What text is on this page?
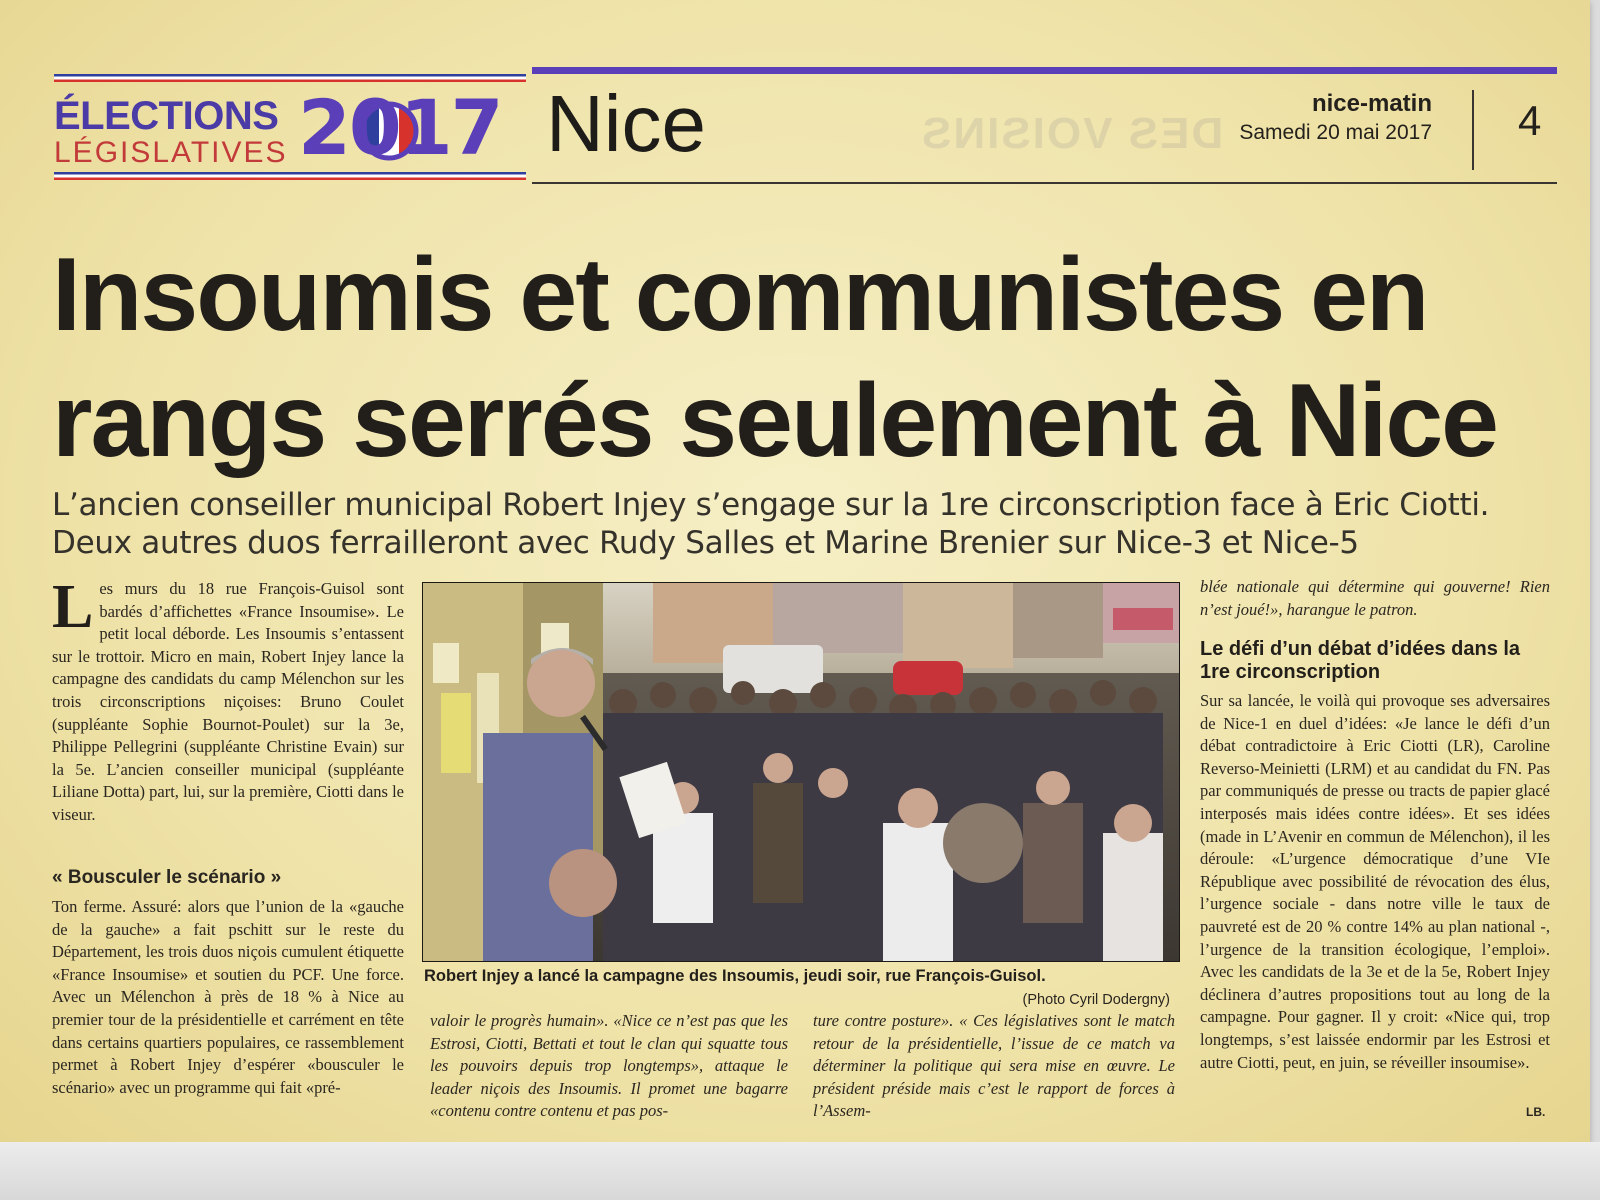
DES VOISINS

ÉLECTIONS

LÉGISLATIVES 2017 Nice	nice-matin

Samedi 20 mai 2017 4

Insoumis et communistes en rangs serrés seulement à Nice

L’ancien conseiller municipal Robert Injey s’engage sur la 1re circonscription face à Eric Ciotti.
Deux autres duos ferrailleront avec Rudy Salles et Marine Brenier sur Nice-3 et Nice-5

Les murs du 18 rue François-Guisol sont bardés d’affichettes «France Insoumise». Le petit local déborde. Les Insoumis s’entassent sur le trottoir. Micro en main, Robert Injey lance la campagne des candidats du camp Mélenchon sur les trois circonscriptions niçoises: Bruno Coulet (suppléante Sophie Bournot-Poulet) sur la 3e, Philippe Pellegrini (suppléante Christine Evain) sur la 5e. L’ancien conseiller municipal (suppléante Liliane Dotta) part, lui, sur la première, Ciotti dans le viseur.

« Bousculer le scénario »

Ton ferme. Assuré: alors que l’union de la «gauche de la gauche» a fait pschitt sur le reste du Département, les trois duos niçois cumulent étiquette «France Insoumise» et soutien du PCF. Une force. Avec un Mélenchon à près de 18 % à Nice au premier tour de la présidentielle et carrément en tête dans certains quartiers populaires, ce rassemblement permet à Robert Injey d’espérer «bousculer le scénario» avec un programme qui fait «pré-

Robert Injey a lancé la campagne des Insoumis, jeudi soir, rue François-Guisol.

(Photo Cyril Dodergny)

valoir le progrès humain». «Nice ce n’est pas que les Estrosi, Ciotti, Bettati et tout le clan qui squatte tous les pouvoirs depuis trop longtemps», attaque le leader niçois des Insoumis. Il promet une bagarre «contenu contre contenu et pas pos-

ture contre posture». « Ces législatives sont le match retour de la présidentielle, l’issue de ce match va déterminer la politique qui sera mise en œuvre. Le président préside mais c’est le rapport de forces à l’Assem-

blée nationale qui détermine qui gouverne! Rien n’est joué!», harangue le patron.

Le défi d’un débat d’idées dans la 1re circonscription

Sur sa lancée, le voilà qui provoque ses adversaires de Nice-1 en duel d’idées: «Je lance le défi d’un débat contradictoire à Eric Ciotti (LR), Caroline Reverso-Meinietti (LRM) et au candidat du FN. Pas par communiqués de presse ou tracts de papier glacé interposés mais idées contre idées». Et ses idées (made in L’Avenir en commun de Mélenchon), il les déroule: «L’urgence démocratique d’une VIe République avec possibilité de révocation des élus, l’urgence sociale - dans notre ville le taux de pauvreté est de 20 % contre 14% au plan national -, l’urgence de la transition écologique, l’emploi». Avec les candidats de la 3e et de la 5e, Robert Injey déclinera d’autres propositions tout au long de la campagne. Pour gagner. Il y croit: «Nice qui, trop longtemps, s’est laissée endormir par les Estrosi et autre Ciotti, peut, en juin, se réveiller insoumise».

LB.
